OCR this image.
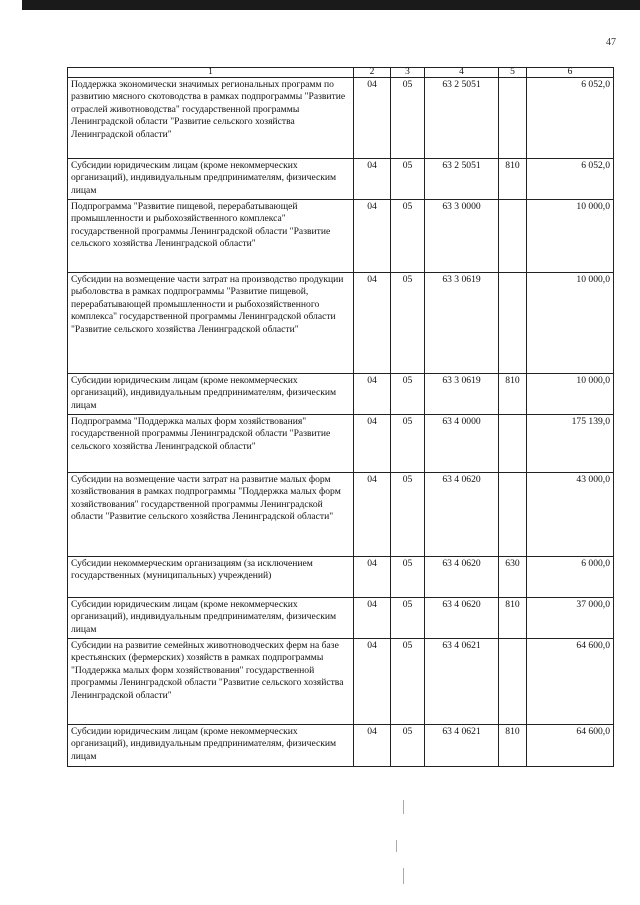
47
1	2	3	4	5	6
Поддержка экономически значимых региональных программ по развитию мясного скотоводства в рамках подпрограммы "Развитие отраслей животноводства" государственной программы Ленинградской области "Развитие сельского хозяйства Ленинградской области"	04	05	63 2 5051		6 052,0
Субсидии юридическим лицам (кроме некоммерческих организаций), индивидуальным предпринимателям, физическим лицам	04	05	63 2 5051	810	6 052,0
Подпрограмма "Развитие пищевой, перерабатывающей промышленности и рыбохозяйственного комплекса" государственной программы Ленинградской области "Развитие сельского хозяйства Ленинградской области"	04	05	63 3 0000		10 000,0
Субсидии на возмещение части затрат на производство продукции рыболовства в рамках подпрограммы "Развитие пищевой, перерабатывающей промышленности и рыбохозяйственного комплекса" государственной программы Ленинградской области "Развитие сельского хозяйства Ленинградской области"	04	05	63 3 0619		10 000,0
Субсидии юридическим лицам (кроме некоммерческих организаций), индивидуальным предпринимателям, физическим лицам	04	05	63 3 0619	810	10 000,0
Подпрограмма "Поддержка малых форм хозяйствования" государственной программы Ленинградской области "Развитие сельского хозяйства Ленинградской области"	04	05	63 4 0000		175 139,0
Субсидии на возмещение части затрат на развитие малых форм хозяйствования в рамках подпрограммы "Поддержка малых форм хозяйствования" государственной программы Ленинградской области "Развитие сельского хозяйства Ленинградской области"	04	05	63 4 0620		43 000,0
Субсидии некоммерческим организациям (за исключением государственных (муниципальных) учреждений)	04	05	63 4 0620	630	6 000,0
Субсидии юридическим лицам (кроме некоммерческих организаций), индивидуальным предпринимателям, физическим лицам	04	05	63 4 0620	810	37 000,0
Субсидии на развитие семейных животноводческих ферм на базе крестьянских (фермерских) хозяйств в рамках подпрограммы "Поддержка малых форм хозяйствования" государственной программы Ленинградской области "Развитие сельского хозяйства Ленинградской области"	04	05	63 4 0621		64 600,0
Субсидии юридическим лицам (кроме некоммерческих организаций), индивидуальным предпринимателям, физическим лицам	04	05	63 4 0621	810	64 600,0
